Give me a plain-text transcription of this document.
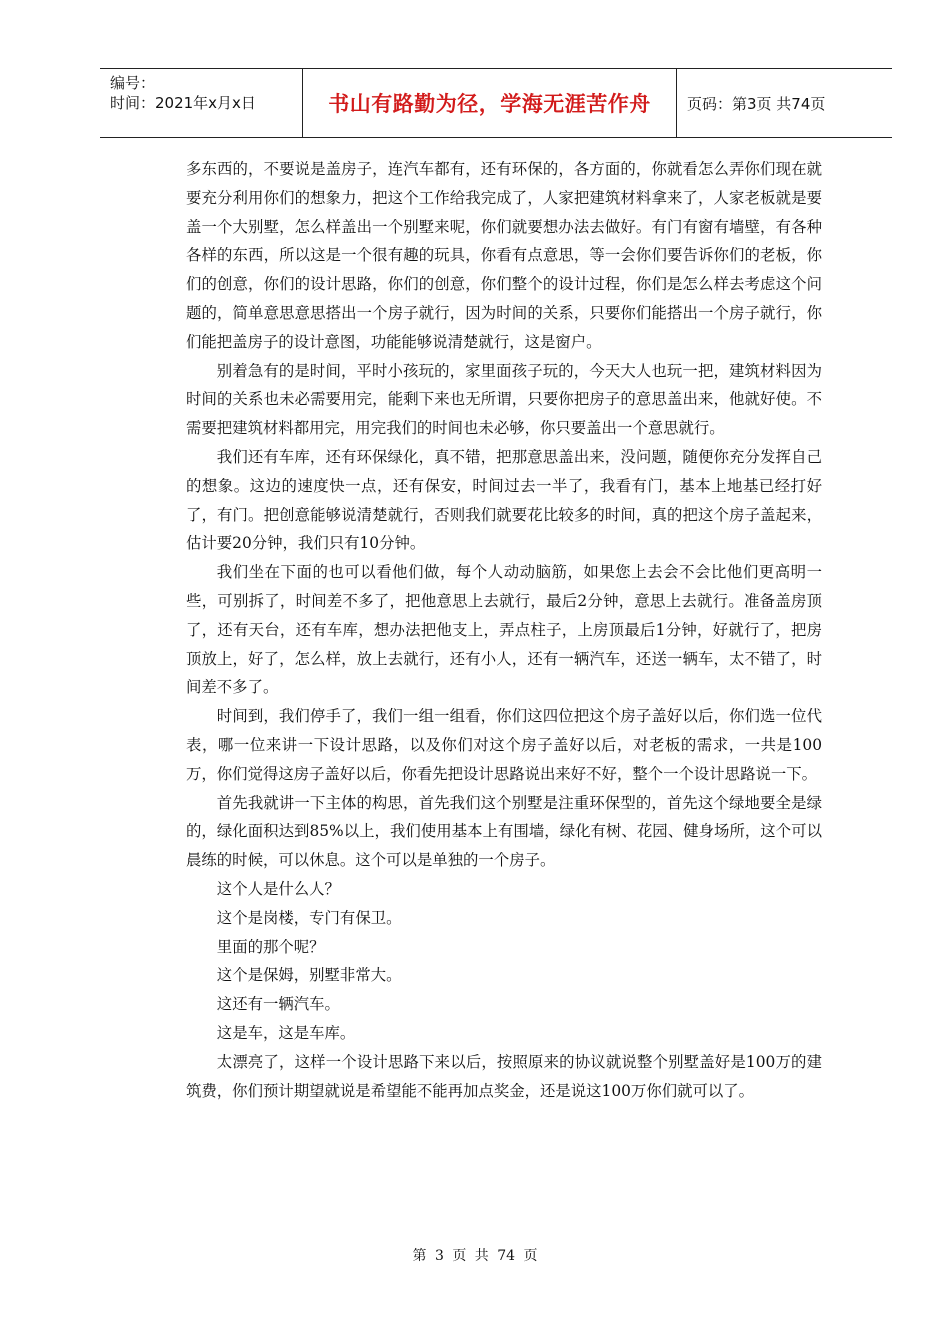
编号：
时间：2021年x月x日	书山有路勤为径，学海无涯苦作舟 页码：第3页 共74页

多东西的，不要说是盖房子，连汽车都有，还有环保的，各方面的，你就看怎么弄你们现在就要充分利用你们的想象力，把这个工作给我完成了，人家把建筑材料拿来了，人家老板就是要盖一个大别墅，怎么样盖出一个别墅来呢，你们就要想办法去做好。有门有窗有墙壁，有各种各样的东西，所以这是一个很有趣的玩具，你看有点意思，等一会你们要告诉你们的老板，你们的创意，你们的设计思路，你们的创意，你们整个的设计过程，你们是怎么样去考虑这个问题的，简单意思意思搭出一个房子就行，因为时间的关系，只要你们能搭出一个房子就行，你们能把盖房子的设计意图，功能能够说清楚就行，这是窗户。

别着急有的是时间，平时小孩玩的，家里面孩子玩的，今天大人也玩一把，建筑材料因为时间的关系也未必需要用完，能剩下来也无所谓，只要你把房子的意思盖出来，他就好使。不需要把建筑材料都用完，用完我们的时间也未必够，你只要盖出一个意思就行。

我们还有车库，还有环保绿化，真不错，把那意思盖出来，没问题，随便你充分发挥自己的想象。这边的速度快一点，还有保安，时间过去一半了，我看有门，基本上地基已经打好了，有门。把创意能够说清楚就行，否则我们就要花比较多的时间，真的把这个房子盖起来，估计要20分钟，我们只有10分钟。

我们坐在下面的也可以看他们做，每个人动动脑筋，如果您上去会不会比他们更高明一些，可别拆了，时间差不多了，把他意思上去就行，最后2分钟，意思上去就行。准备盖房顶了，还有天台，还有车库，想办法把他支上，弄点柱子，上房顶最后1分钟，好就行了，把房顶放上，好了，怎么样，放上去就行，还有小人，还有一辆汽车，还送一辆车，太不错了，时间差不多了。

时间到，我们停手了，我们一组一组看，你们这四位把这个房子盖好以后，你们选一位代表，哪一位来讲一下设计思路，以及你们对这个房子盖好以后，对老板的需求，一共是100万，你们觉得这房子盖好以后，你看先把设计思路说出来好不好，整个一个设计思路说一下。

首先我就讲一下主体的构思，首先我们这个别墅是注重环保型的，首先这个绿地要全是绿的，绿化面积达到85%以上，我们使用基本上有围墙，绿化有树、花园、健身场所，这个可以晨练的时候，可以休息。这个可以是单独的一个房子。

这个人是什么人？

这个是岗楼，专门有保卫。

里面的那个呢？

这个是保姆，别墅非常大。

这还有一辆汽车。

这是车，这是车库。

太漂亮了，这样一个设计思路下来以后，按照原来的协议就说整个别墅盖好是100万的建筑费，你们预计期望就说是希望能不能再加点奖金，还是说这100万你们就可以了。

第 3 页 共 74 页
